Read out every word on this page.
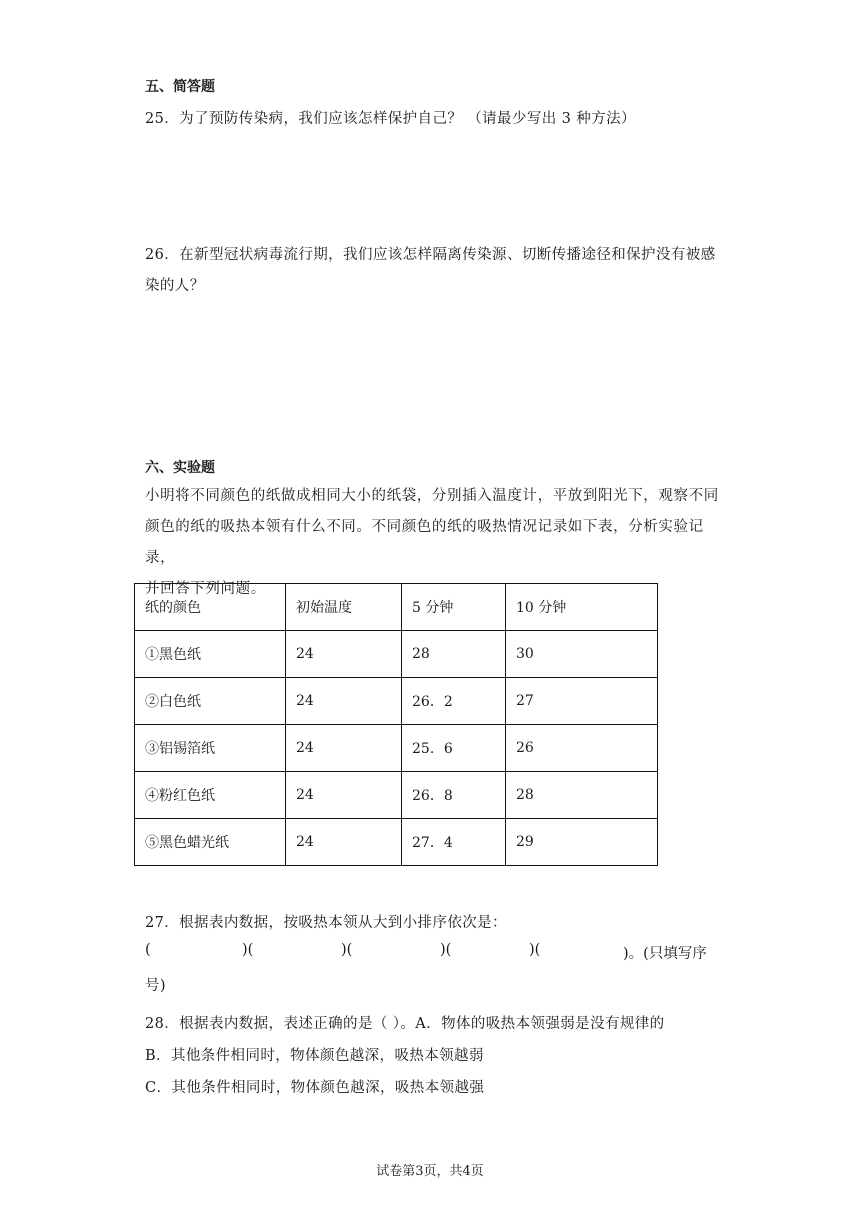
五、简答题
25．为了预防传染病，我们应该怎样保护自己？ （请最少写出 3 种方法）
26．在新型冠状病毒流行期，我们应该怎样隔离传染源、切断传播途径和保护没有被感
染的人？
六、实验题
小明将不同颜色的纸做成相同大小的纸袋，分别插入温度计，平放到阳光下，观察不同
颜色的纸的吸热本领有什么不同。不同颜色的纸的吸热情况记录如下表，分析实验记录，
并回答下列问题。
纸的颜色	初始温度	5 分钟	10 分钟
①黑色纸	24	28	30
②白色纸	24	26．2	27
③铝锡箔纸	24	25．6	26
④粉红色纸	24	26．8	28
⑤黑色蜡光纸	24	27．4	29
27．根据表内数据，按吸热本领从大到小排序依次是：
(	)(	)(	)(	)(	)。(只填写序
号)
28．根据表内数据，表述正确的是（ ）。A．物体的吸热本领强弱是没有规律的
B．其他条件相同时，物体颜色越深，吸热本领越弱
C．其他条件相同时，物体颜色越深，吸热本领越强
试卷第3页，共4页
